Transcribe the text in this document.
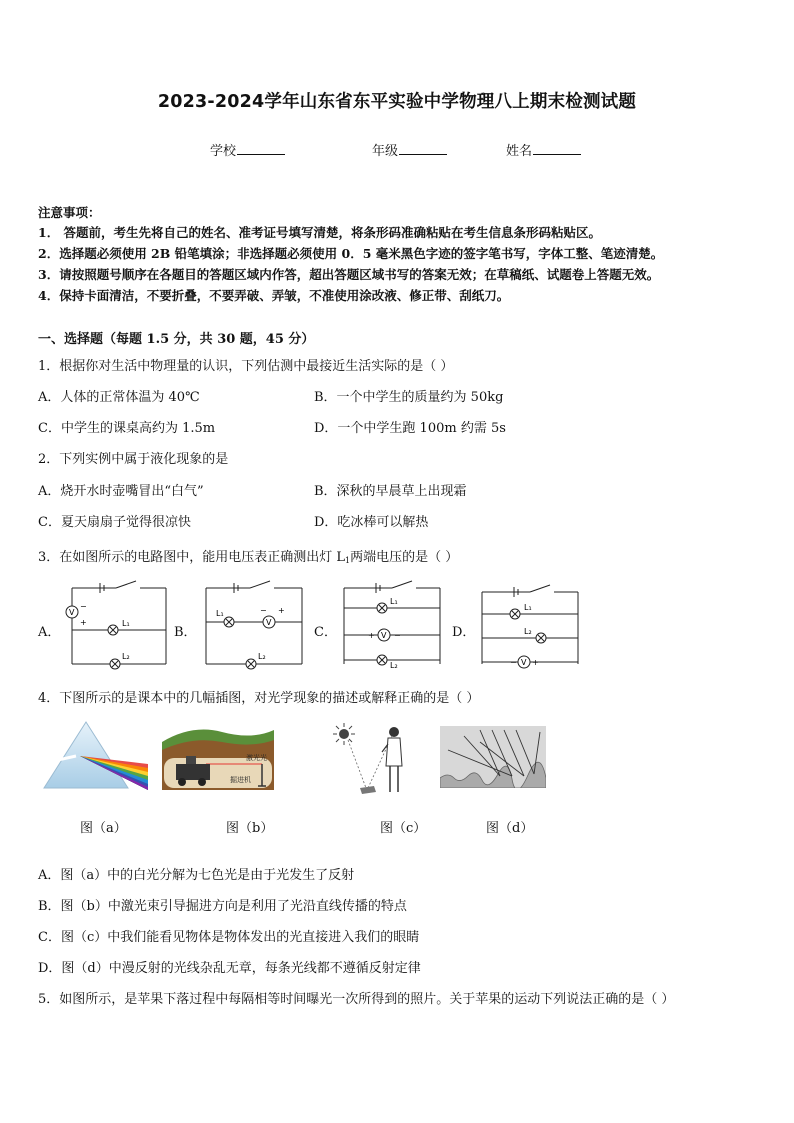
2023-2024学年山东省东平实验中学物理八上期末检测试题
学校	年级	姓名
注意事项：
1． 答题前，考生先将自己的姓名、准考证号填写清楚，将条形码准确粘贴在考生信息条形码粘贴区。
2．选择题必须使用 2B 铅笔填涂；非选择题必须使用 0．5 毫米黑色字迹的签字笔书写，字体工整、笔迹清楚。
3．请按照题号顺序在各题目的答题区域内作答，超出答题区域书写的答案无效；在草稿纸、试题卷上答题无效。
4．保持卡面清洁，不要折叠，不要弄破、弄皱，不准使用涂改液、修正带、刮纸刀。
一、选择题（每题 1.5 分，共 30 题，45 分）
1．根据你对生活中物理量的认识，下列估测中最接近生活实际的是（ ）
A．人体的正常体温为 40℃	B．一个中学生的质量约为 50kg
C．中学生的课桌高约为 1.5m	D．一个中学生跑 100m 约需 5s
2．下列实例中属于液化现象的是
A．烧开水时壶嘴冒出“白气”	B．深秋的早晨草上出现霜
C．夏天扇扇子觉得很凉快	D．吃冰棒可以解热
3．在如图所示的电路图中，能用电压表正确测出灯 $L_1$两端电压的是（ ）
A．	B．	C．	D．
V
−
+	L₁
L₂
V
− +
L₁
L₂
V
+ −
L₁
L₂	V
− +
L₁
L₂
4．下图所示的是课本中的几幅插图，对光学现象的描述或解释正确的是（ ）
激光光
掘进机
图（a）	图（b）	图（c）	图（d）
A．图（a）中的白光分解为七色光是由于光发生了反射
B．图（b）中激光束引导掘进方向是利用了光沿直线传播的特点
C．图（c）中我们能看见物体是物体发出的光直接进入我们的眼睛
D．图（d）中漫反射的光线杂乱无章，每条光线都不遵循反射定律
5．如图所示，是苹果下落过程中每隔相等时间曝光一次所得到的照片。关于苹果的运动下列说法正确的是（ ）
